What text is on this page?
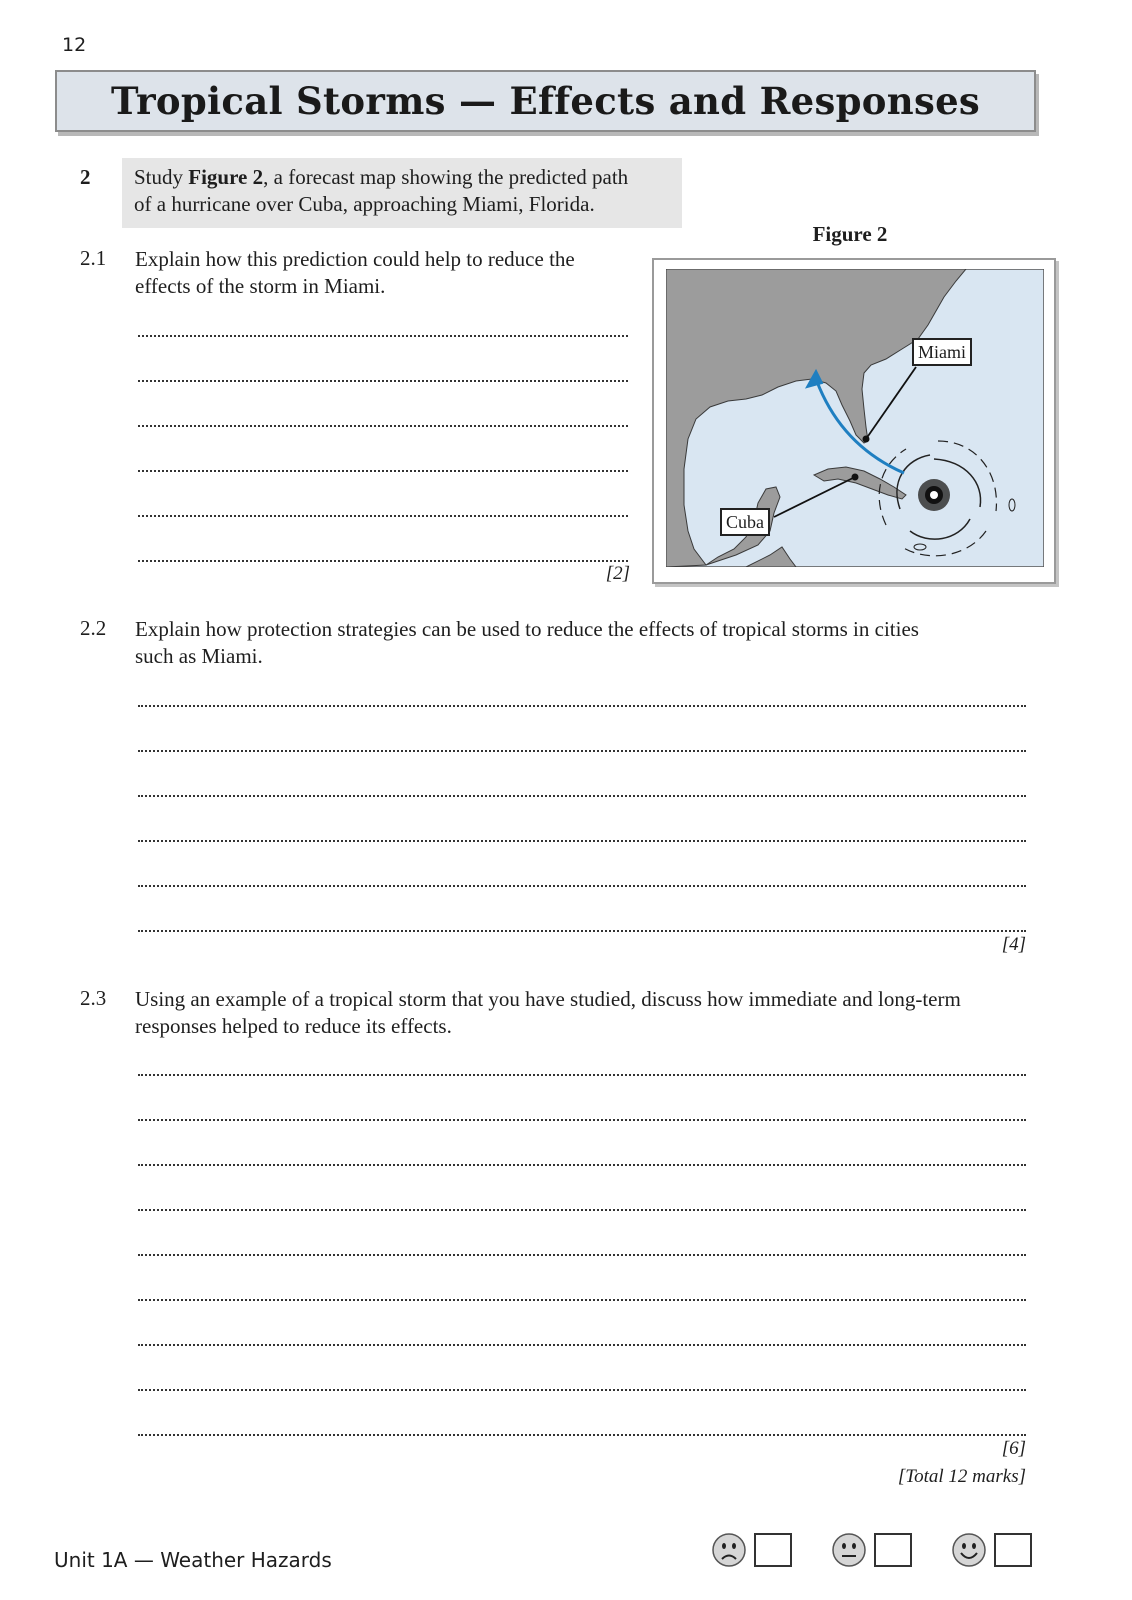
12
Tropical Storms — Effects and Responses
2 Study Figure 2, a forecast map showing the predicted path
of a hurricane over Cuba, approaching Miami, Florida.
2.1 Explain how this prediction could help to reduce the
effects of the storm in Miami.
[2]
Figure 2
Miami
Cuba
2.2 Explain how protection strategies can be used to reduce the effects of tropical storms in cities
such as Miami.
[4]
2.3 Using an example of a tropical storm that you have studied, discuss how immediate and long-term
responses helped to reduce its effects.
[6]
[Total 12 marks]
Unit 1A — Weather Hazards
